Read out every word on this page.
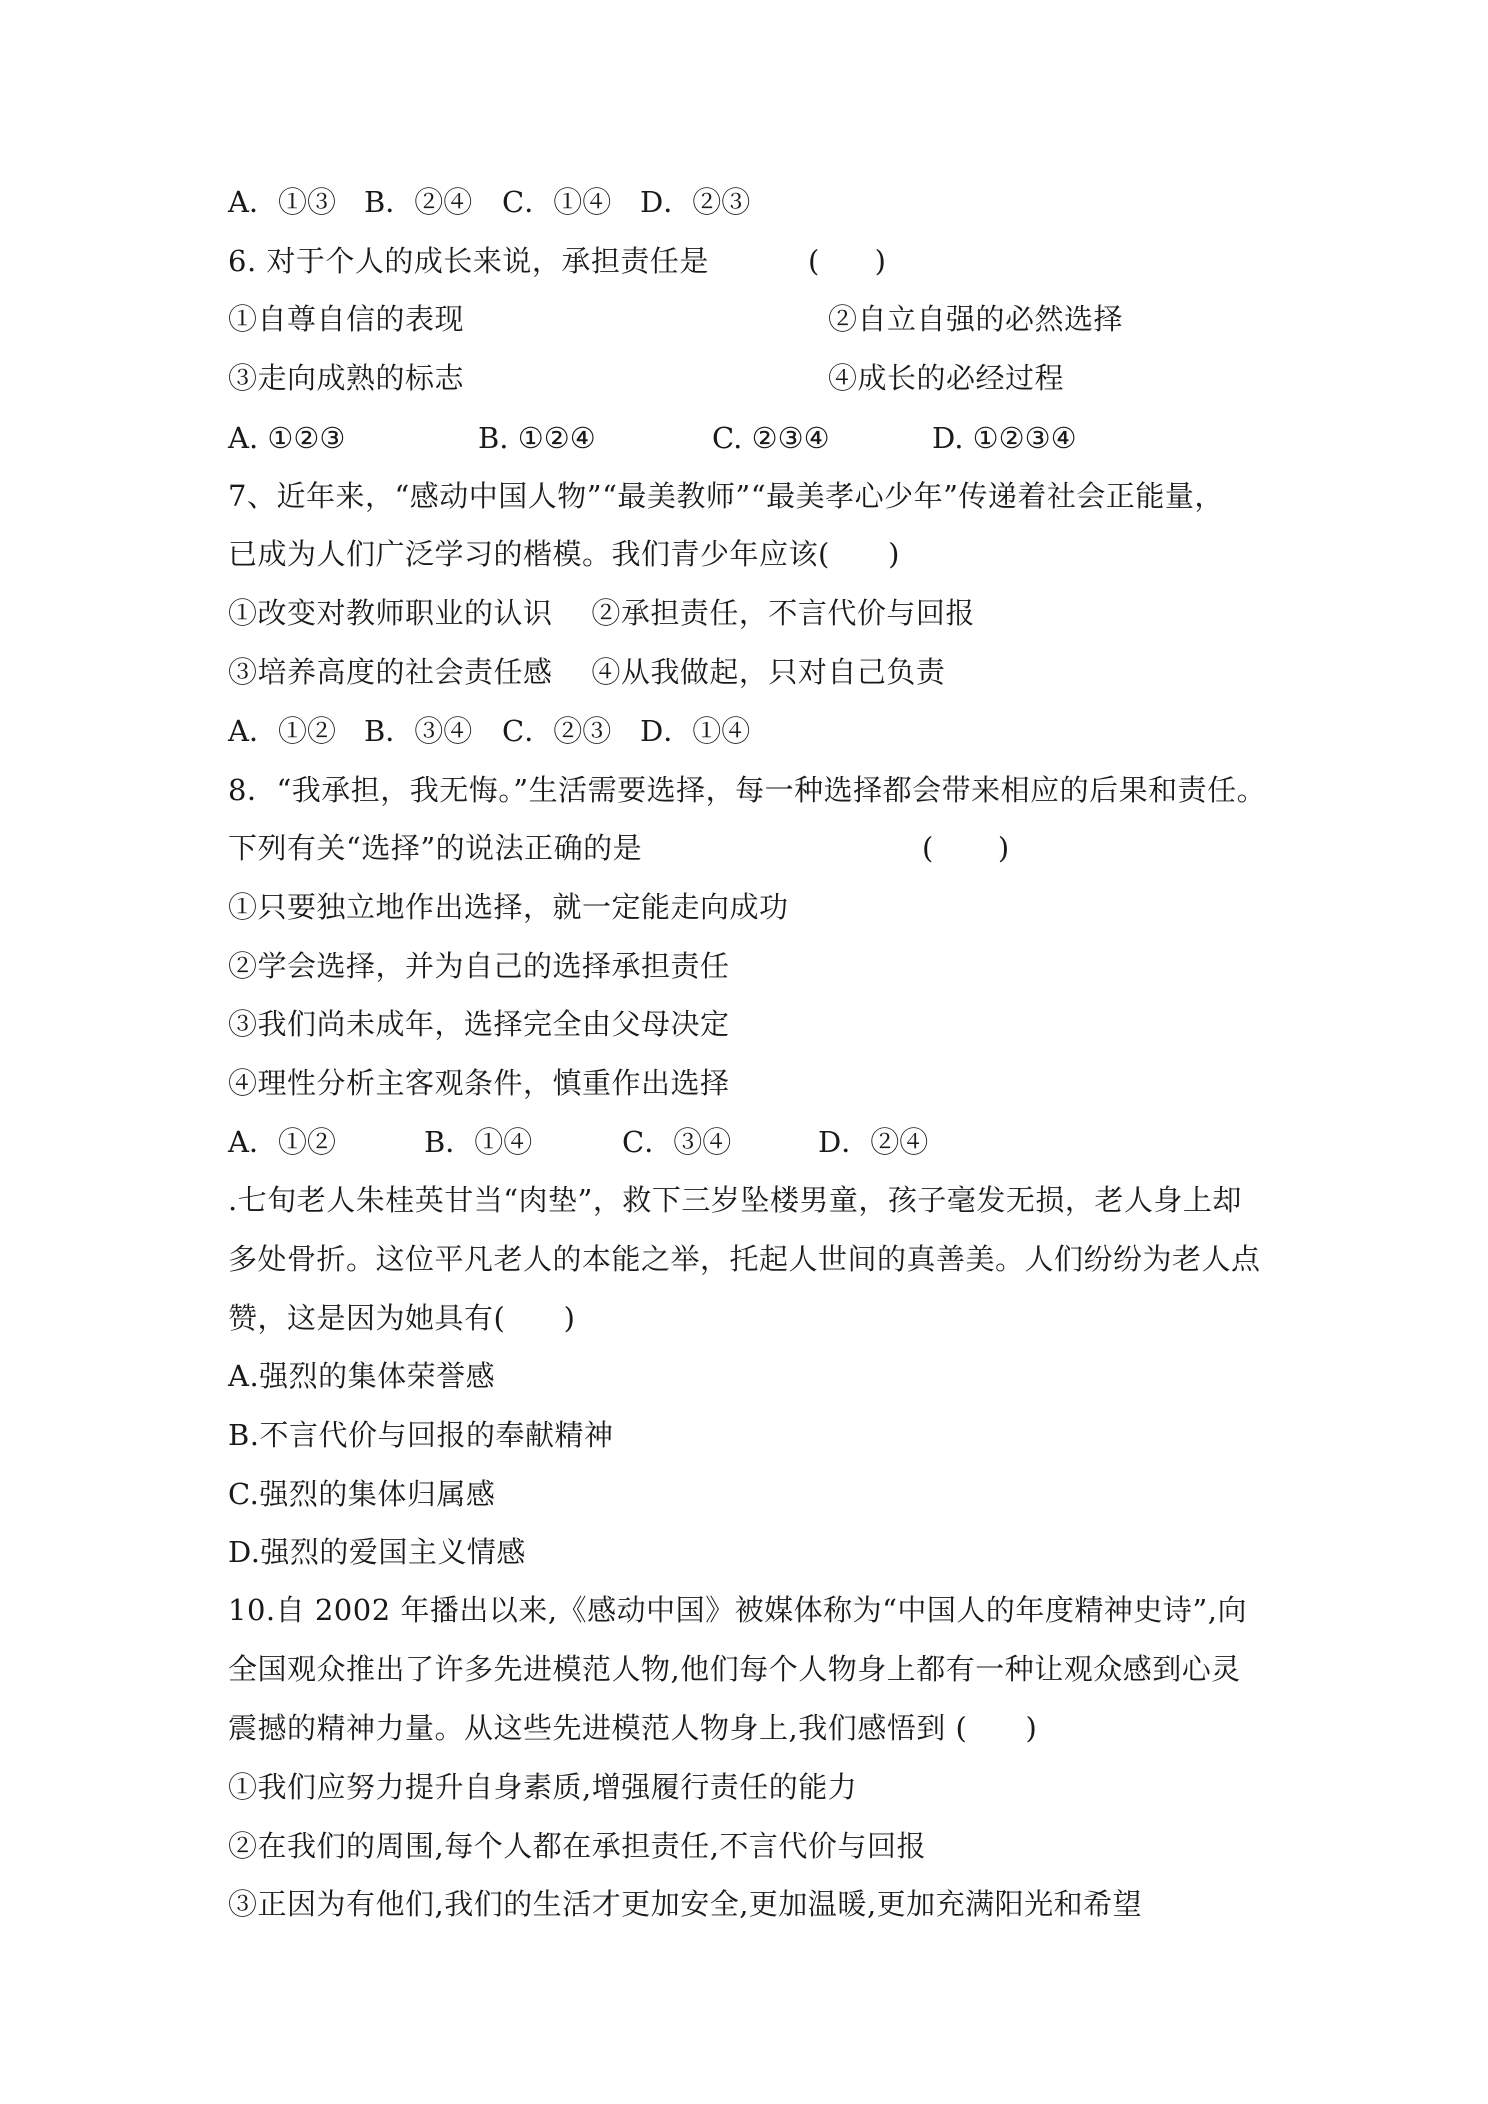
A．①③ B．②④ C．①④ D．②③
6. 对于个人的成长来说，承担责任是	(      )
①自尊自信的表现	②自立自强的必然选择
③走向成熟的标志	④成长的必经过程
A. ①②③	B. ①②④	C. ②③④	D. ①②③④
7、近年来，“感动中国人物”“最美教师”“最美孝心少年”传递着社会正能量，
已成为人们广泛学习的楷模。我们青少年应该(      )
①改变对教师职业的认识    ②承担责任，不言代价与回报
③培养高度的社会责任感    ④从我做起，只对自己负责
A．①② B．③④ C．②③ D．①④
8．“我承担，我无悔。”生活需要选择，每一种选择都会带来相应的后果和责任。
下列有关“选择”的说法正确的是	(       )
①只要独立地作出选择，就一定能走向成功
②学会选择，并为自己的选择承担责任
③我们尚未成年，选择完全由父母决定
④理性分析主客观条件，慎重作出选择
A．①②	B．①④	C．③④	D．②④
.七旬老人朱桂英甘当“肉垫”，救下三岁坠楼男童，孩子毫发无损，老人身上却
多处骨折。这位平凡老人的本能之举，托起人世间的真善美。人们纷纷为老人点
赞，这是因为她具有(      )
A.强烈的集体荣誉感
B.不言代价与回报的奉献精神
C.强烈的集体归属感
D.强烈的爱国主义情感
10.自 2002 年播出以来,《感动中国》被媒体称为“中国人的年度精神史诗”,向
全国观众推出了许多先进模范人物,他们每个人物身上都有一种让观众感到心灵
震撼的精神力量。从这些先进模范人物身上,我们感悟到 (      )
①我们应努力提升自身素质,增强履行责任的能力
②在我们的周围,每个人都在承担责任,不言代价与回报
③正因为有他们,我们的生活才更加安全,更加温暖,更加充满阳光和希望
